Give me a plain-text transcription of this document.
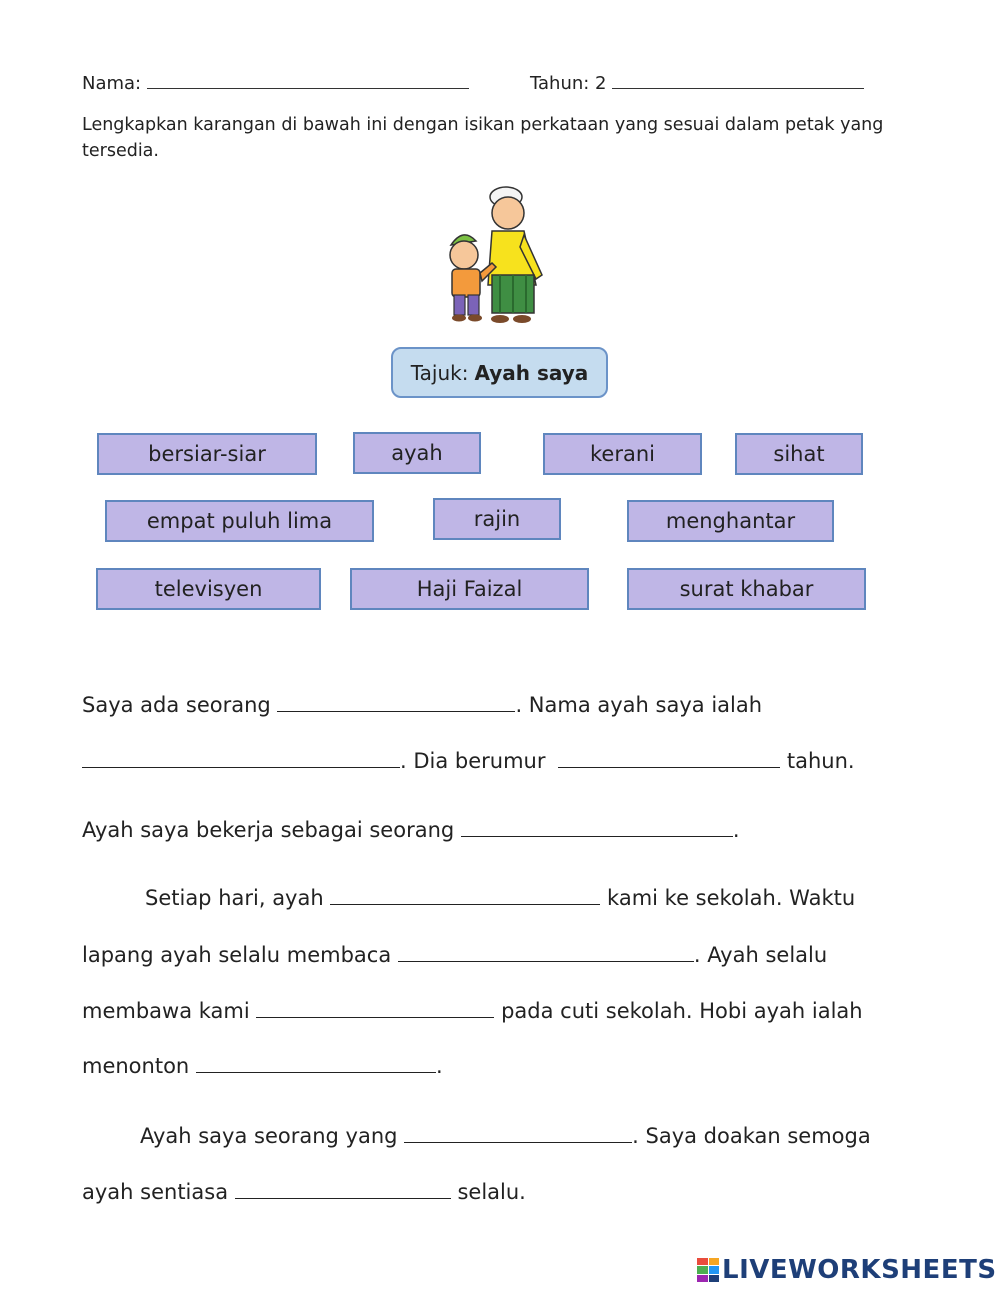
Nama:	Tahun: 2
Lengkapkan karangan di bawah ini dengan isikan perkataan yang sesuai dalam petak yang tersedia.
Tajuk: Ayah saya
bersiar-siar	ayah	kerani	sihat
empat puluh lima	rajin	menghantar
televisyen	Haji Faizal	surat khabar
Saya ada seorang	. Nama ayah saya ialah
. Dia berumur	tahun.
Ayah saya bekerja sebagai seorang	.
Setiap hari, ayah	kami ke sekolah. Waktu
lapang ayah selalu membaca	. Ayah selalu
membawa kami	pada cuti sekolah. Hobi ayah ialah
menonton	.
Ayah saya seorang yang	. Saya doakan semoga
ayah sentiasa	selalu.
LIVEWORKSHEETS
